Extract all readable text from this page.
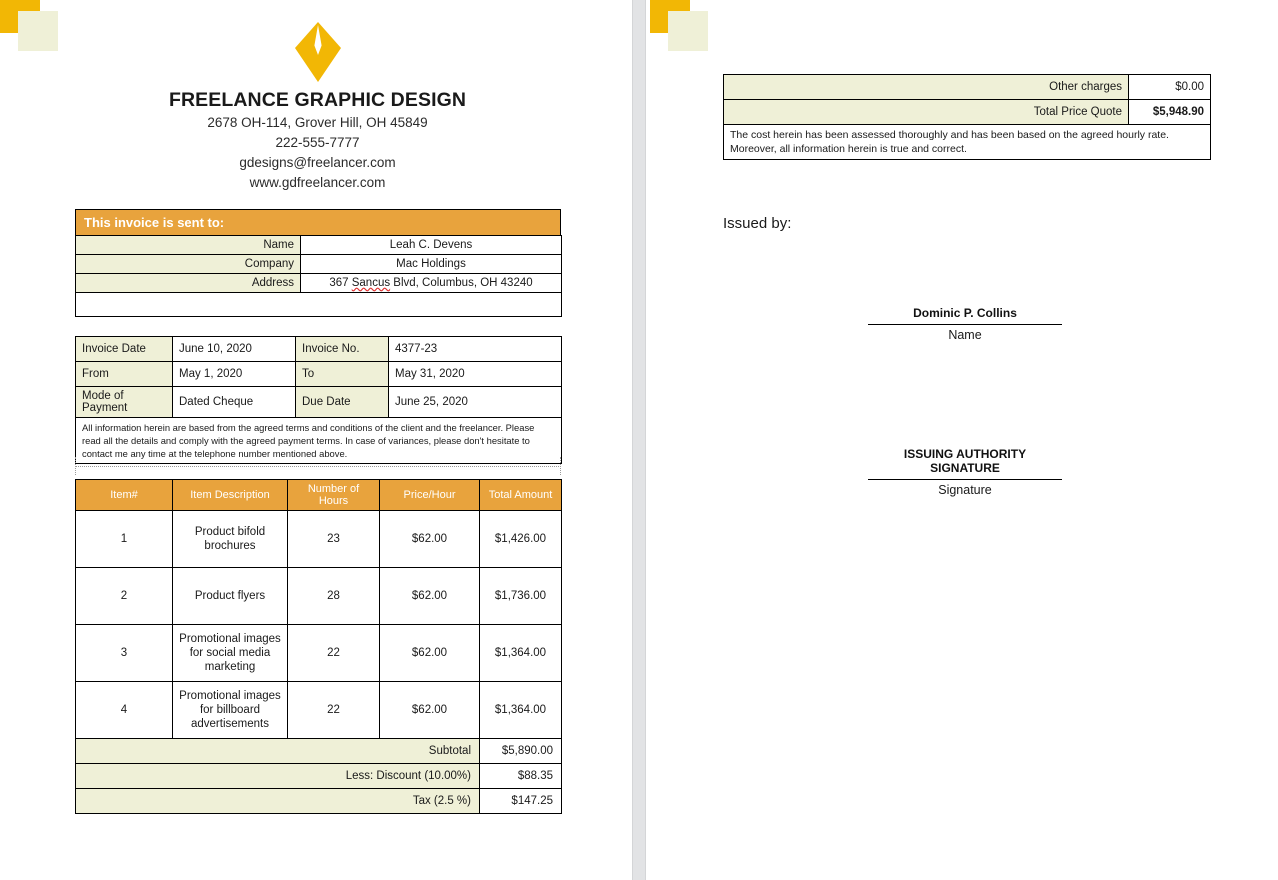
FREELANCE GRAPHIC DESIGN
2678 OH-114, Grover Hill, OH 45849
222-555-7777
gdesigns@freelancer.com
www.gdfreelancer.com
This invoice is sent to:
Name	Leah C. Devens
Company	Mac Holdings
Address	367 Sancus Blvd, Columbus, OH 43240

Invoice Date	June 10, 2020	Invoice No.	4377-23
From	May 1, 2020	To	May 31, 2020
Mode of Payment	Dated Cheque	Due Date	June 25, 2020
All information herein are based from the agreed terms and conditions of the client and the freelancer. Please read all the details and comply with the agreed payment terms. In case of variances, please don't hesitate to contact me any time at the telephone number mentioned above.			
Item#	Item Description	Number of Hours	Price/Hour	Total Amount
1	Product bifold brochures	23	$62.00	$1,426.00
2	Product flyers	28	$62.00	$1,736.00
3	Promotional images for social media marketing	22	$62.00	$1,364.00
4	Promotional images for billboard advertisements	22	$62.00	$1,364.00
Subtotal				$5,890.00
Less: Discount (10.00%)				$88.35
Tax (2.5 %)				$147.25
Other charges	$0.00
Total Price Quote	$5,948.90
The cost herein has been assessed thoroughly and has been based on the agreed hourly rate. Moreover, all information herein is true and correct.	
Issued by:
Dominic P. Collins
Name
ISSUING AUTHORITY SIGNATURE
Signature
